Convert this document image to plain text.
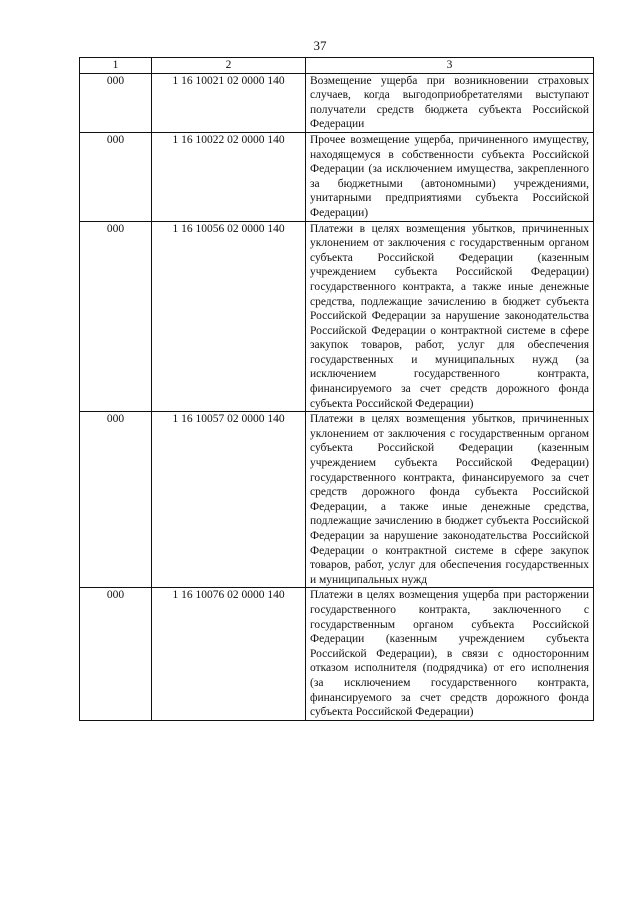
37
1	2	3
000	1 16 10021 02 0000 140	Возмещение ущерба при возникновении страховых случаев, когда выгодоприобретателями выступают получатели средств бюджета субъекта Российской Федерации
000	1 16 10022 02 0000 140	Прочее возмещение ущерба, причиненного имуществу, находящемуся в собственности субъекта Российской Федерации (за исключением имущества, закрепленного за бюджетными (автономными) учреждениями, унитарными предприятиями субъекта Российской Федерации)
000	1 16 10056 02 0000 140	Платежи в целях возмещения убытков, причиненных уклонением от заключения с государственным органом субъекта Российской Федерации (казенным учреждением субъекта Российской Федерации) государственного контракта, а также иные денежные средства, подлежащие зачислению в бюджет субъекта Российской Федерации за нарушение законодательства Российской Федерации о контрактной системе в сфере закупок товаров, работ, услуг для обеспечения государственных и муниципальных нужд (за исключением государственного контракта, финансируемого за счет средств дорожного фонда субъекта Российской Федерации)
000	1 16 10057 02 0000 140	Платежи в целях возмещения убытков, причиненных уклонением от заключения с государственным органом субъекта Российской Федерации (казенным учреждением субъекта Российской Федерации) государственного контракта, финансируемого за счет средств дорожного фонда субъекта Российской Федерации, а также иные денежные средства, подлежащие зачислению в бюджет субъекта Российской Федерации за нарушение законодательства Российской Федерации о контрактной системе в сфере закупок товаров, работ, услуг для обеспечения государственных и муниципальных нужд
000	1 16 10076 02 0000 140	Платежи в целях возмещения ущерба при расторжении государственного контракта, заключенного с государственным органом субъекта Российской Федерации (казенным учреждением субъекта Российской Федерации), в связи с односторонним отказом исполнителя (подрядчика) от его исполнения (за исключением государственного контракта, финансируемого за счет средств дорожного фонда субъекта Российской Федерации)
